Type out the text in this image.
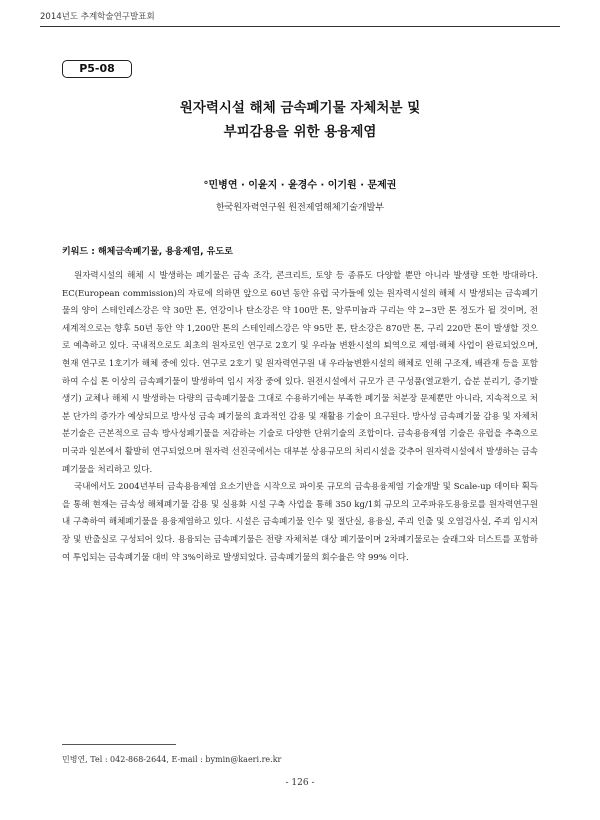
2014년도 추계학술연구발표회
P5-08
원자력시설 해체 금속폐기물 자체처분 및
부피감용을 위한 용융제염
°민병연 · 이윤지 · 윤경수 · 이기원 · 문제권
한국원자력연구원 원전제염해체기술개발부
키워드 : 해체금속폐기물, 용융제염, 유도로

원자력시설의 해체 시 발생하는 폐기물은 금속 조각, 콘크리트, 토양 등 종류도 다양할 뿐만 아니라 발생량 또한 방대하다. EC(European commission)의 자료에 의하면 앞으로 60년 동안 유럽 국가들에 있는 원자력시설의 해체 시 발생되는 금속폐기물의 양이 스테인레스강은 약 30만 톤, 연강이나 탄소강은 약 100만 톤, 알루미늄과 구리는 약 2~3만 톤 정도가 될 것이며, 전 세계적으로는 향후 50년 동안 약 1,200만 톤의 스테인레스강은 약 95만 톤, 탄소강은 870만 톤, 구리 220만 톤이 발생할 것으로 예측하고 있다. 국내적으로도 최초의 원자로인 연구로 2호기 및 우라늄 변환시설의 퇴역으로 제염·해체 사업이 완료되었으며, 현재 연구로 1호기가 해체 중에 있다. 연구로 2호기 및 원자력연구원 내 우라늄변환시설의 해체로 인해 구조재, 배관재 등을 포함하여 수십 톤 이상의 금속폐기물이 발생하여 임시 저장 중에 있다. 원전시설에서 규모가 큰 구성품(열교환기, 습분 분리기, 증기발생기) 교체나 해체 시 발생하는 다량의 금속폐기물을 그대로 수용하기에는 부족한 폐기물 처분장 문제뿐만 아니라, 지속적으로 처분 단가의 증가가 예상되므로 방사성 금속 폐기물의 효과적인 감용 및 재활용 기술이 요구된다. 방사성 금속폐기물 감용 및 자체처분기술은 근본적으로 금속 방사성폐기물을 저감하는 기술로 다양한 단위기술의 조합이다. 금속용융제염 기술은 유럽을 추축으로 미국과 일본에서 활발히 연구되었으며 원자력 선진국에서는 대부분 상용규모의 처리시설을 갖추어 원자력시설에서 발생하는 금속폐기물을 처리하고 있다.

국내에서도 2004년부터 금속용융제염 요소기반을 시작으로 파이롯 규모의 금속용융제염 기술개발 및 Scale-up 데이타 획득을 통해 현재는 금속성 해체폐기물 감용 및 실용화 시설 구축 사업을 통해 350 kg/1회 규모의 고주파유도용융로를 원자력연구원내 구축하여 해체폐기물을 용융제염하고 있다. 시설은 금속폐기물 인수 및 절단실, 용융실, 주괴 인출 및 오염검사실, 주괴 임시저장 및 반출실로 구성되어 있다. 용융되는 금속폐기물은 전량 자체처분 대상 폐기물이며 2차폐기물로는 슬래그와 더스트를 포함하여 투입되는 금속폐기물 대비 약 3%이하로 발생되었다. 금속폐기물의 회수율은 약 99% 이다.

민병연, Tel : 042-868-2644, E-mail : bymin@kaeri.re.kr
- 126 -
